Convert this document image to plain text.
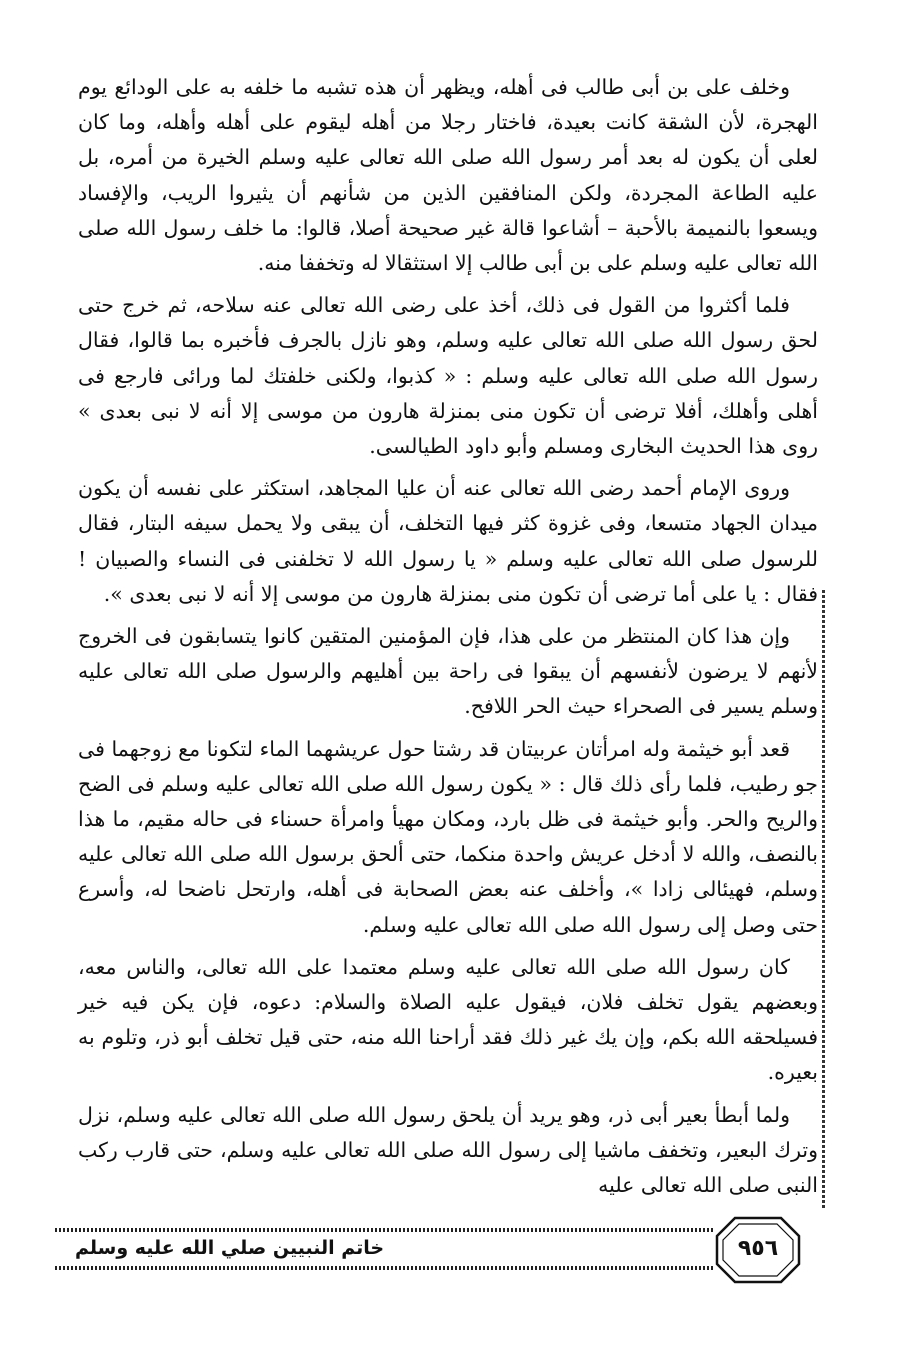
وخلف على بن أبى طالب فى أهله، ويظهر أن هذه تشبه ما خلفه به على الودائع يوم الهجرة، لأن الشقة كانت بعيدة، فاختار رجلا من أهله ليقوم على أهله وأهله، وما كان لعلى أن يكون له بعد أمر رسول الله صلى الله تعالى عليه وسلم الخيرة من أمره، بل عليه الطاعة المجردة، ولكن المنافقين الذين من شأنهم أن يثيروا الريب، والإفساد ويسعوا بالنميمة بالأحبة – أشاعوا قالة غير صحيحة أصلا، قالوا: ما خلف رسول الله صلى الله تعالى عليه وسلم على بن أبى طالب إلا استثقالا له وتخففا منه.

فلما أكثروا من القول فى ذلك، أخذ على رضى الله تعالى عنه سلاحه، ثم خرج حتى لحق رسول الله صلى الله تعالى عليه وسلم، وهو نازل بالجرف فأخبره بما قالوا، فقال رسول الله صلى الله تعالى عليه وسلم : « كذبوا، ولكنى خلفتك لما ورائى فارجع فى أهلى وأهلك، أفلا ترضى أن تكون منى بمنزلة هارون من موسى إلا أنه لا نبى بعدى » روى هذا الحديث البخارى ومسلم وأبو داود الطيالسى.

وروى الإمام أحمد رضى الله تعالى عنه أن عليا المجاهد، استكثر على نفسه أن يكون ميدان الجهاد متسعا، وفى غزوة كثر فيها التخلف، أن يبقى ولا يحمل سيفه البتار، فقال للرسول صلى الله تعالى عليه وسلم « يا رسول الله لا تخلفنى فى النساء والصبيان ! فقال : يا على أما ترضى أن تكون منى بمنزلة هارون من موسى إلا أنه لا نبى بعدى ».

وإن هذا كان المنتظر من على هذا، فإن المؤمنين المتقين كانوا يتسابقون فى الخروج لأنهم لا يرضون لأنفسهم أن يبقوا فى راحة بين أهليهم والرسول صلى الله تعالى عليه وسلم يسير فى الصحراء حيث الحر اللافح.

قعد أبو خيثمة وله امرأتان عربيتان قد رشتا حول عريشهما الماء لتكونا مع زوجهما فى جو رطيب، فلما رأى ذلك قال : « يكون رسول الله صلى الله تعالى عليه وسلم فى الضح والريح والحر. وأبو خيثمة فى ظل بارد، ومكان مهيأ وامرأة حسناء فى حاله مقيم، ما هذا بالنصف، والله لا أدخل عريش واحدة منكما، حتى ألحق برسول الله صلى الله تعالى عليه وسلم، فهيئالى زادا »، وأخلف عنه بعض الصحابة فى أهله، وارتحل ناضحا له، وأسرع حتى وصل إلى رسول الله صلى الله تعالى عليه وسلم.

كان رسول الله صلى الله تعالى عليه وسلم معتمدا على الله تعالى، والناس معه، وبعضهم يقول تخلف فلان، فيقول عليه الصلاة والسلام: دعوه، فإن يكن فيه خير فسيلحقه الله بكم، وإن يك غير ذلك فقد أراحنا الله منه، حتى قيل تخلف أبو ذر، وتلوم به بعيره.

ولما أبطأ بعير أبى ذر، وهو يريد أن يلحق رسول الله صلى الله تعالى عليه وسلم، نزل وترك البعير، وتخفف ماشيا إلى رسول الله صلى الله تعالى عليه وسلم، حتى قارب ركب النبى صلى الله تعالى عليه

خاتم النبيين صلي الله عليه وسلم	٩٥٦
